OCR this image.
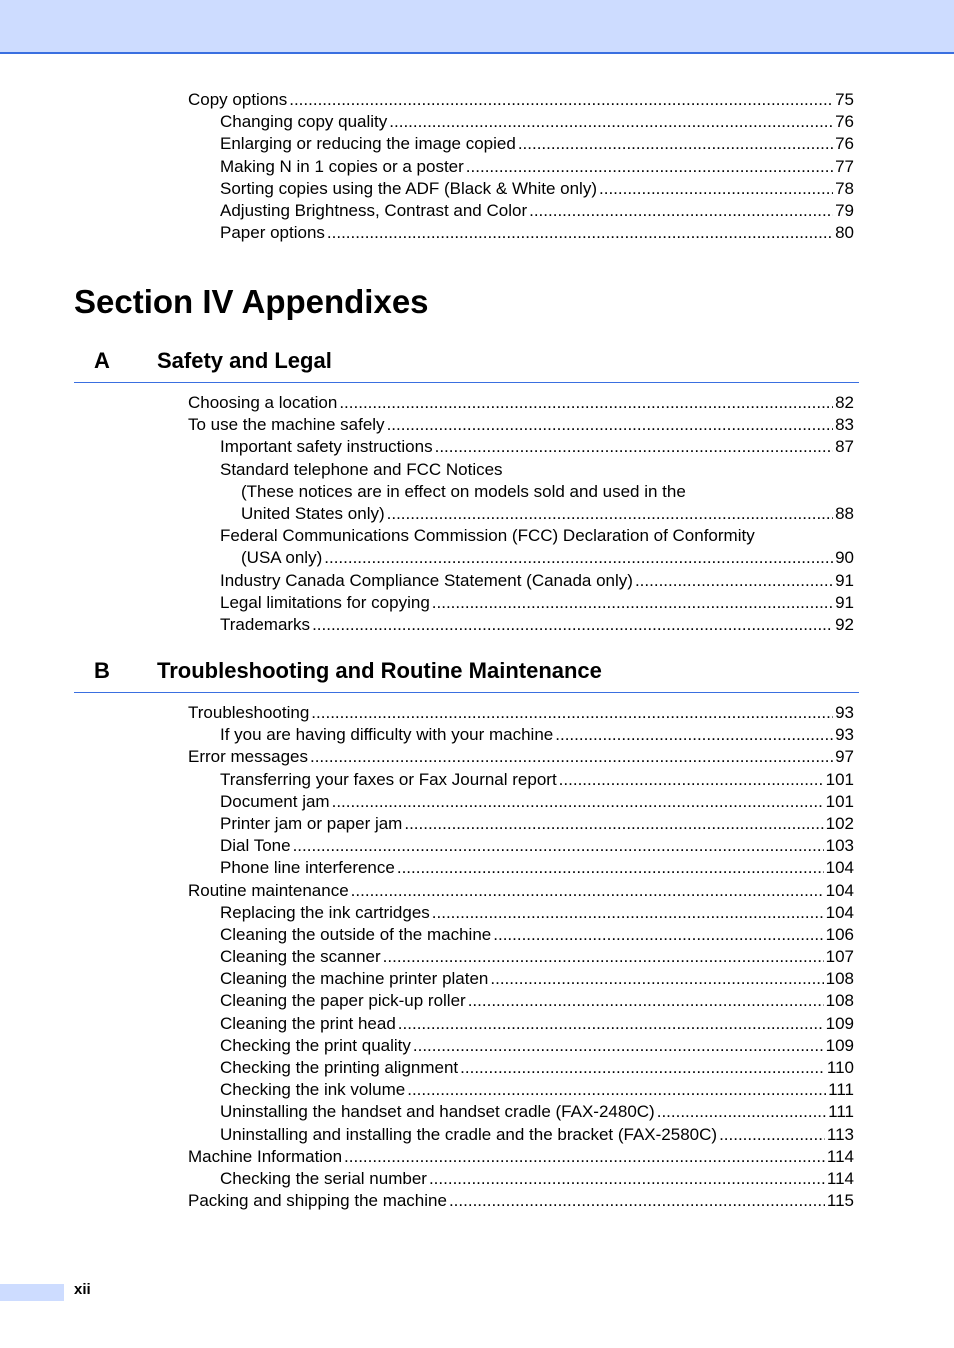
Copy options .....	75
Changing copy quality .....	76
Enlarging or reducing the image copied .....	76
Making N in 1 copies or a poster .....	77
Sorting copies using the ADF (Black & White only) .....	78
Adjusting Brightness, Contrast and Color .....	79
Paper options .....	80
Section IV Appendixes
A Safety and Legal
Choosing a location .....	82
To use the machine safely .....	83
Important safety instructions .....	87
Standard telephone and FCC Notices
(These notices are in effect on models sold and used in the
United States only) .....	88
Federal Communications Commission (FCC) Declaration of Conformity
(USA only) .....	90
Industry Canada Compliance Statement (Canada only) .....	91
Legal limitations for copying .....	91
Trademarks .....	92
B Troubleshooting and Routine Maintenance
Troubleshooting .....	93
If you are having difficulty with your machine .....	93
Error messages .....	97
Transferring your faxes or Fax Journal report .....	101
Document jam .....	101
Printer jam or paper jam .....	102
Dial Tone .....	103
Phone line interference .....	104
Routine maintenance .....	104
Replacing the ink cartridges .....	104
Cleaning the outside of the machine .....	106
Cleaning the scanner .....	107
Cleaning the machine printer platen .....	108
Cleaning the paper pick-up roller .....	108
Cleaning the print head .....	109
Checking the print quality .....	109
Checking the printing alignment .....	110
Checking the ink volume .....	111
Uninstalling the handset and handset cradle (FAX-2480C) .....	111
Uninstalling and installing the cradle and the bracket (FAX-2580C) .....	113
Machine Information .....	114
Checking the serial number .....	114
Packing and shipping the machine .....	115
xii
